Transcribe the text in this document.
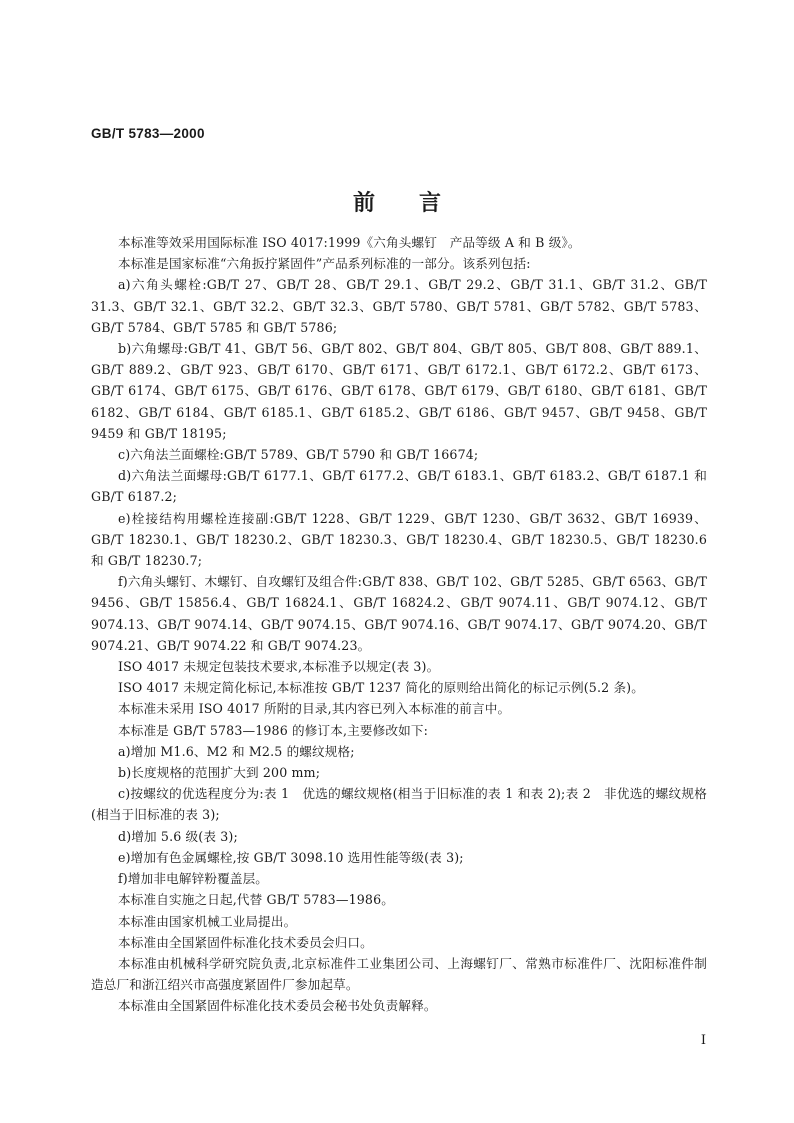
GB/T 5783—2000
前 言

本标准等效采用国际标准 ISO 4017:1999《六角头螺钉　产品等级 A 和 B 级》。

本标准是国家标准“六角扳拧紧固件”产品系列标准的一部分。该系列包括:

a)六角头螺栓:GB/T 27、GB/T 28、GB/T 29.1、GB/T 29.2、GB/T 31.1、GB/T 31.2、GB/T 31.3、GB/T 32.1、GB/T 32.2、GB/T 32.3、GB/T 5780、GB/T 5781、GB/T 5782、GB/T 5783、GB/T 5784、GB/T 5785 和 GB/T 5786;

b)六角螺母:GB/T 41、GB/T 56、GB/T 802、GB/T 804、GB/T 805、GB/T 808、GB/T 889.1、GB/T 889.2、GB/T 923、GB/T 6170、GB/T 6171、GB/T 6172.1、GB/T 6172.2、GB/T 6173、GB/T 6174、GB/T 6175、GB/T 6176、GB/T 6178、GB/T 6179、GB/T 6180、GB/T 6181、GB/T 6182、GB/T 6184、GB/T 6185.1、GB/T 6185.2、GB/T 6186、GB/T 9457、GB/T 9458、GB/T 9459 和 GB/T 18195;

c)六角法兰面螺栓:GB/T 5789、GB/T 5790 和 GB/T 16674;

d)六角法兰面螺母:GB/T 6177.1、GB/T 6177.2、GB/T 6183.1、GB/T 6183.2、GB/T 6187.1 和 GB/T 6187.2;

e)栓接结构用螺栓连接副:GB/T 1228、GB/T 1229、GB/T 1230、GB/T 3632、GB/T 16939、GB/T 18230.1、GB/T 18230.2、GB/T 18230.3、GB/T 18230.4、GB/T 18230.5、GB/T 18230.6 和 GB/T 18230.7;

f)六角头螺钉、木螺钉、自攻螺钉及组合件:GB/T 838、GB/T 102、GB/T 5285、GB/T 6563、GB/T 9456、GB/T 15856.4、GB/T 16824.1、GB/T 16824.2、GB/T 9074.11、GB/T 9074.12、GB/T 9074.13、GB/T 9074.14、GB/T 9074.15、GB/T 9074.16、GB/T 9074.17、GB/T 9074.20、GB/T 9074.21、GB/T 9074.22 和 GB/T 9074.23。

ISO 4017 未规定包装技术要求,本标准予以规定(表 3)。

ISO 4017 未规定简化标记,本标准按 GB/T 1237 简化的原则给出简化的标记示例(5.2 条)。

本标准未采用 ISO 4017 所附的目录,其内容已列入本标准的前言中。

本标准是 GB/T 5783—1986 的修订本,主要修改如下:

a)增加 M1.6、M2 和 M2.5 的螺纹规格;

b)长度规格的范围扩大到 200 mm;

c)按螺纹的优选程度分为:表 1　优选的螺纹规格(相当于旧标准的表 1 和表 2);表 2　非优选的螺纹规格(相当于旧标准的表 3);

d)增加 5.6 级(表 3);

e)增加有色金属螺栓,按 GB/T 3098.10 选用性能等级(表 3);

f)增加非电解锌粉覆盖层。

本标准自实施之日起,代替 GB/T 5783—1986。

本标准由国家机械工业局提出。

本标准由全国紧固件标准化技术委员会归口。

本标准由机械科学研究院负责,北京标准件工业集团公司、上海螺钉厂、常熟市标准件厂、沈阳标准件制造总厂和浙江绍兴市高强度紧固件厂参加起草。

本标准由全国紧固件标准化技术委员会秘书处负责解释。

I
